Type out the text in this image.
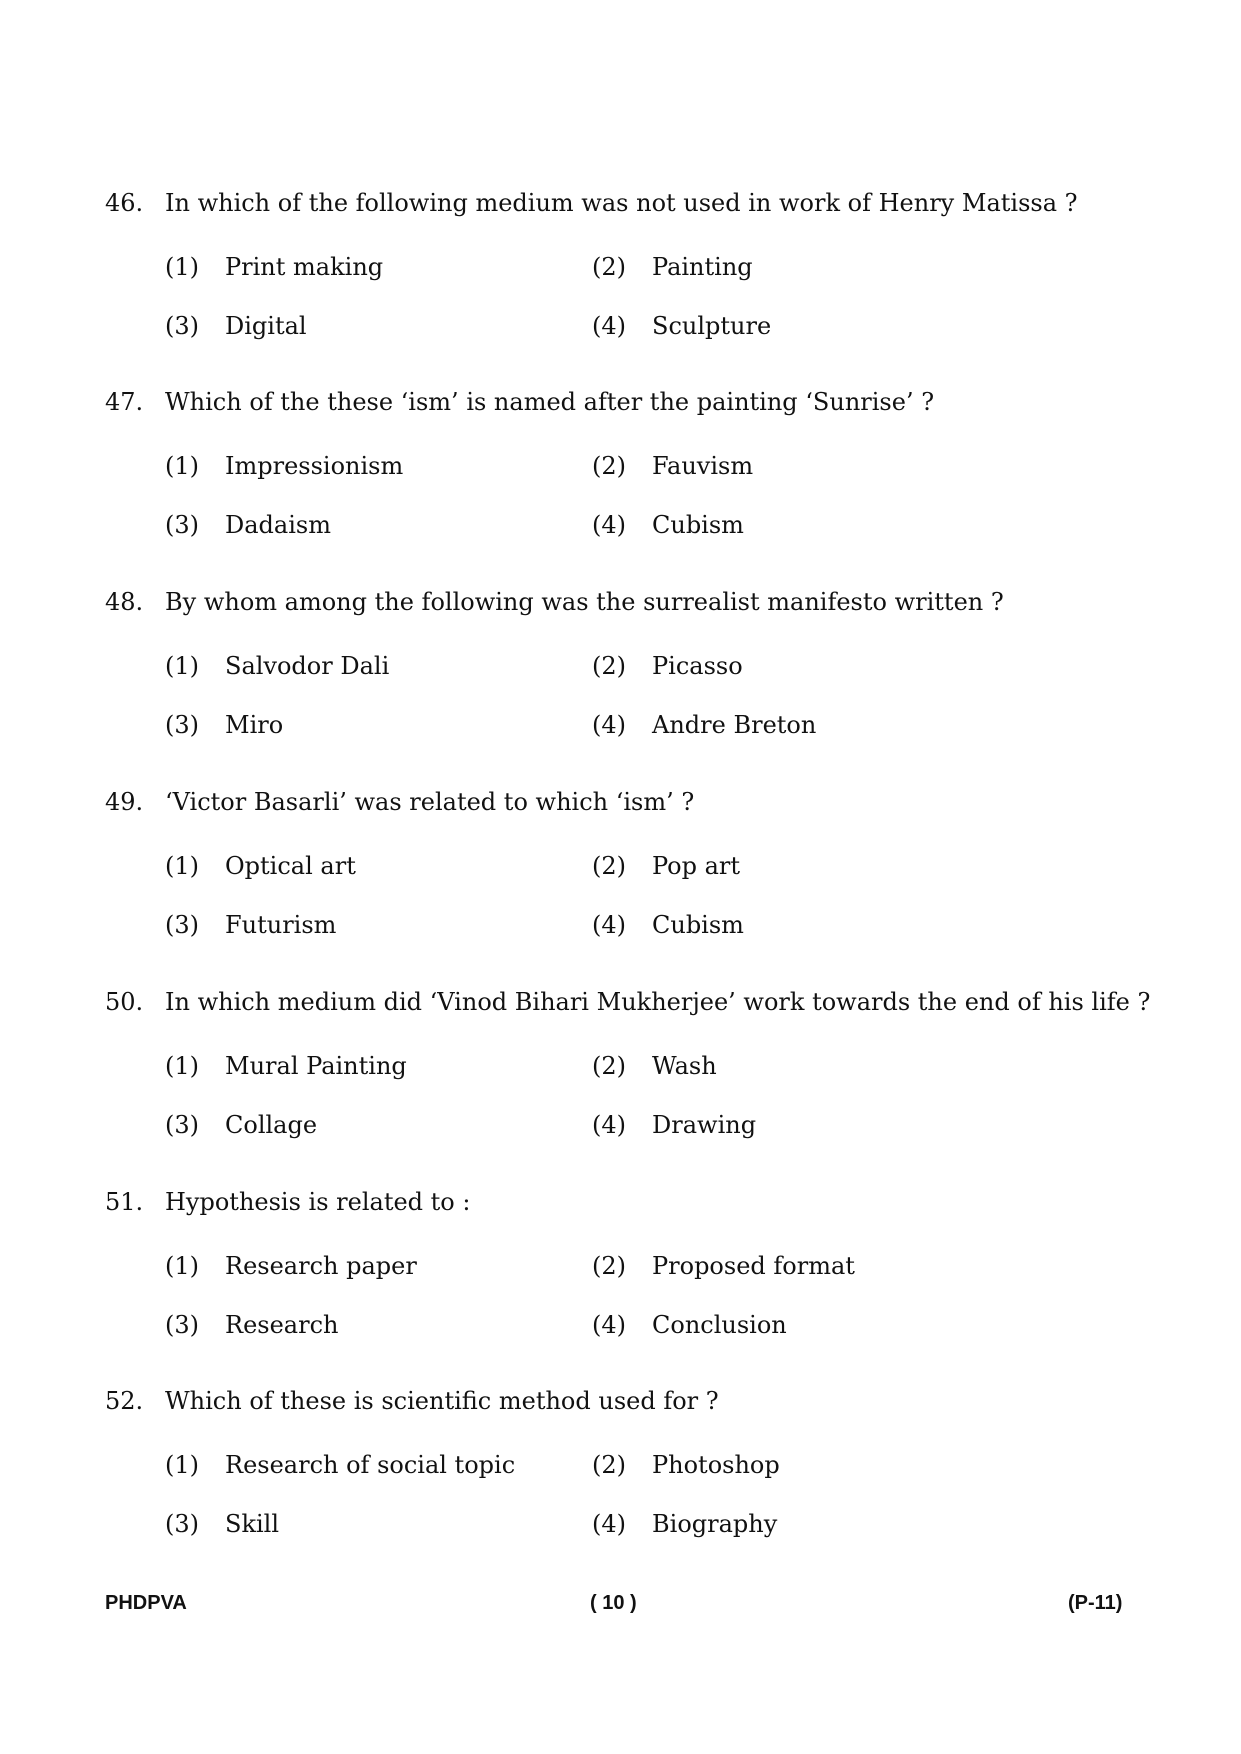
46. In which of the following medium was not used in work of Henry Matissa ?
(1) Print making	(2) Painting
(3) Digital	(4) Sculpture
47. Which of the these ‘ism’ is named after the painting ‘Sunrise’ ?
(1) Impressionism	(2) Fauvism
(3) Dadaism	(4) Cubism
48. By whom among the following was the surrealist manifesto written ?
(1) Salvodor Dali	(2) Picasso
(3) Miro	(4) Andre Breton
49. ‘Victor Basarli’ was related to which ‘ism’ ?
(1) Optical art	(2) Pop art
(3) Futurism	(4) Cubism
50. In which medium did ‘Vinod Bihari Mukherjee’ work towards the end of his life ?
(1) Mural Painting	(2) Wash
(3) Collage	(4) Drawing
51. Hypothesis is related to :
(1) Research paper	(2) Proposed format
(3) Research	(4) Conclusion
52. Which of these is scientific method used for ?
(1) Research of social topic	(2) Photoshop
(3) Skill	(4) Biography
PHDPVA	( 10 )	(P-11)
